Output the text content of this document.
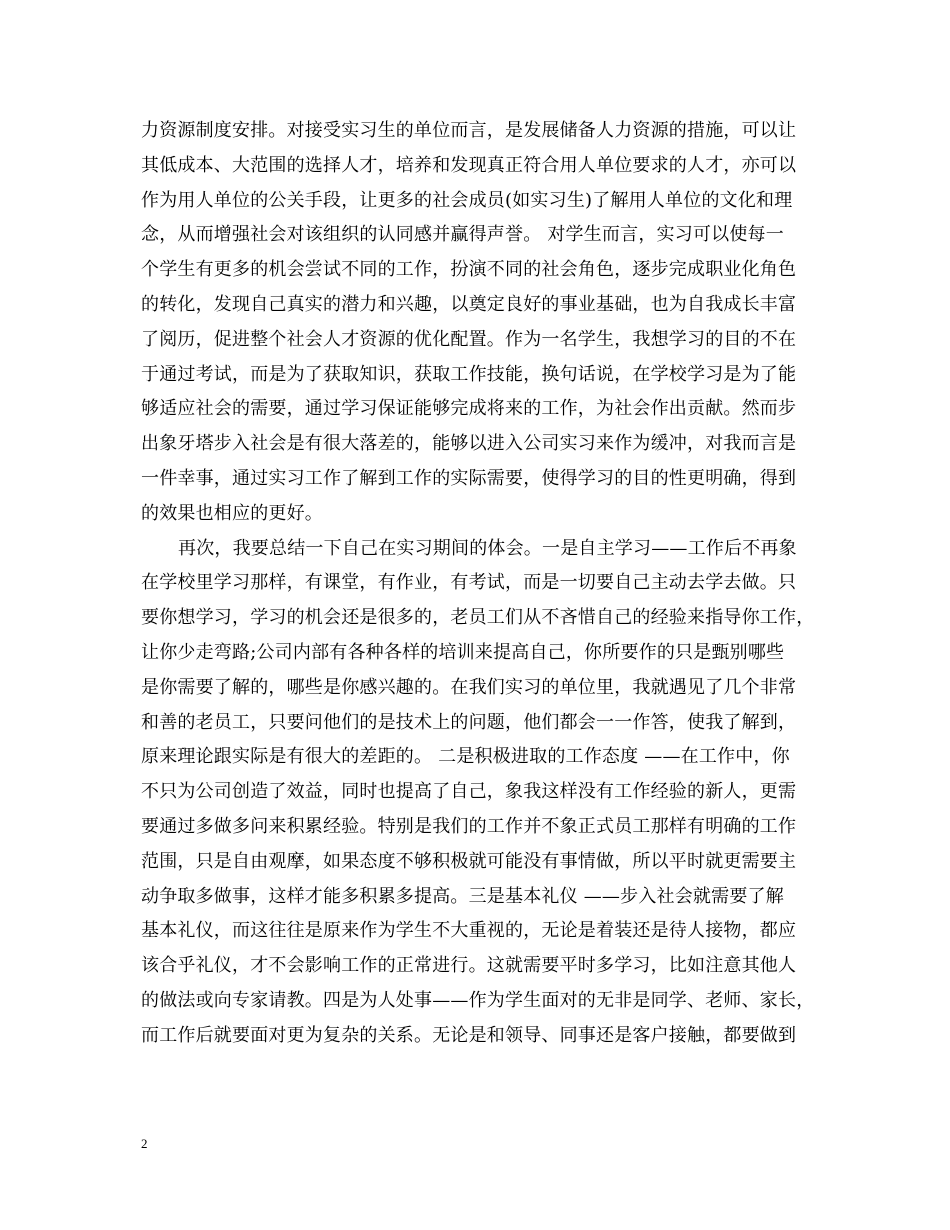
力资源制度安排。对接受实习生的单位而言，是发展储备人力资源的措施，可以让
其低成本、大范围的选择人才，培养和发现真正符合用人单位要求的人才，亦可以
作为用人单位的公关手段，让更多的社会成员(如实习生)了解用人单位的文化和理
念，从而增强社会对该组织的认同感并赢得声誉。 对学生而言，实习可以使每一
个学生有更多的机会尝试不同的工作，扮演不同的社会角色，逐步完成职业化角色
的转化，发现自己真实的潜力和兴趣，以奠定良好的事业基础，也为自我成长丰富
了阅历，促进整个社会人才资源的优化配置。作为一名学生，我想学习的目的不在
于通过考试，而是为了获取知识，获取工作技能，换句话说，在学校学习是为了能
够适应社会的需要，通过学习保证能够完成将来的工作，为社会作出贡献。然而步
出象牙塔步入社会是有很大落差的，能够以进入公司实习来作为缓冲，对我而言是
一件幸事，通过实习工作了解到工作的实际需要，使得学习的目的性更明确，得到
的效果也相应的更好。
再次，我要总结一下自己在实习期间的体会。一是自主学习——工作后不再象
在学校里学习那样，有课堂，有作业，有考试，而是一切要自己主动去学去做。只
要你想学习，学习的机会还是很多的，老员工们从不吝惜自己的经验来指导你工作，
让你少走弯路;公司内部有各种各样的培训来提高自己，你所要作的只是甄别哪些
是你需要了解的，哪些是你感兴趣的。在我们实习的单位里，我就遇见了几个非常
和善的老员工，只要问他们的是技术上的问题，他们都会一一作答，使我了解到，
原来理论跟实际是有很大的差距的。 二是积极进取的工作态度 ——在工作中，你
不只为公司创造了效益，同时也提高了自己，象我这样没有工作经验的新人，更需
要通过多做多问来积累经验。特别是我们的工作并不象正式员工那样有明确的工作
范围，只是自由观摩，如果态度不够积极就可能没有事情做，所以平时就更需要主
动争取多做事，这样才能多积累多提高。三是基本礼仪 ——步入社会就需要了解
基本礼仪，而这往往是原来作为学生不大重视的，无论是着装还是待人接物，都应
该合乎礼仪，才不会影响工作的正常进行。这就需要平时多学习，比如注意其他人
的做法或向专家请教。四是为人处事——作为学生面对的无非是同学、老师、家长，
而工作后就要面对更为复杂的关系。无论是和领导、同事还是客户接触，都要做到
2
